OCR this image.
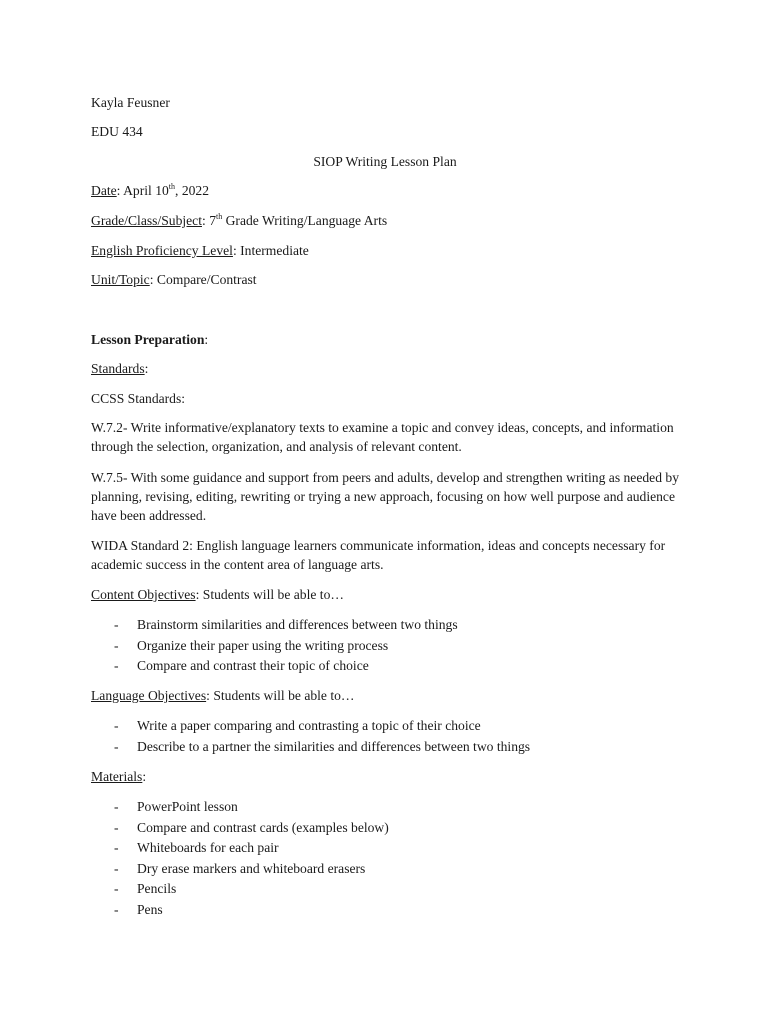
Kayla Feusner
EDU 434
SIOP Writing Lesson Plan
Date: April 10th, 2022
Grade/Class/Subject: 7th Grade Writing/Language Arts
English Proficiency Level: Intermediate
Unit/Topic: Compare/Contrast
Lesson Preparation:
Standards:
CCSS Standards:
W.7.2- Write informative/explanatory texts to examine a topic and convey ideas, concepts, and information through the selection, organization, and analysis of relevant content.
W.7.5- With some guidance and support from peers and adults, develop and strengthen writing as needed by planning, revising, editing, rewriting or trying a new approach, focusing on how well purpose and audience have been addressed.
WIDA Standard 2: English language learners communicate information, ideas and concepts necessary for academic success in the content area of language arts.
Content Objectives: Students will be able to…
- Brainstorm similarities and differences between two things
- Organize their paper using the writing process
- Compare and contrast their topic of choice
Language Objectives: Students will be able to…
- Write a paper comparing and contrasting a topic of their choice
- Describe to a partner the similarities and differences between two things
Materials:
- PowerPoint lesson
- Compare and contrast cards (examples below)
- Whiteboards for each pair
- Dry erase markers and whiteboard erasers
- Pencils
- Pens
